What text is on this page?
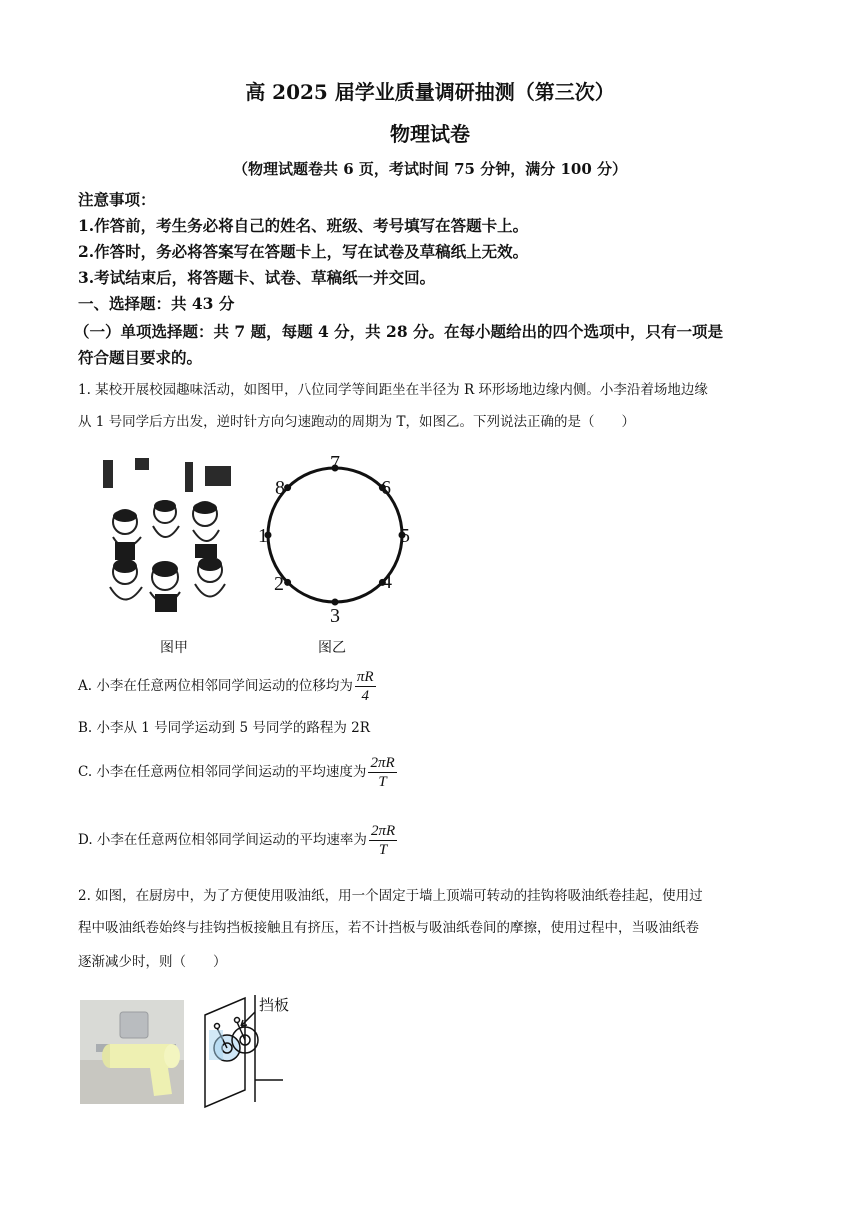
高 2025 届学业质量调研抽测（第三次）
物理试卷
（物理试题卷共 6 页，考试时间 75 分钟，满分 100 分）
注意事项：
1.作答前，考生务必将自己的姓名、班级、考号填写在答题卡上。
2.作答时，务必将答案写在答题卡上，写在试卷及草稿纸上无效。
3.考试结束后，将答题卡、试卷、草稿纸一并交回。
一、选择题：共 43 分
（一）单项选择题：共 7 题，每题 4 分，共 28 分。在每小题给出的四个选项中，只有一项是
符合题目要求的。
1. 某校开展校园趣味活动，如图甲，八位同学等间距坐在半径为 R 环形场地边缘内侧。小李沿着场地边缘
从 1 号同学后方出发，逆时针方向匀速跑动的周期为 T，如图乙。下列说法正确的是（　　）
1
2
3
4
5
6
7
8
图甲	图乙
A. 小李在任意两位相邻同学间运动的位移均为 $\frac{\pi R}{4}$
B. 小李从 1 号同学运动到 5 号同学的路程为 2R
C. 小李在任意两位相邻同学间运动的平均速度为 $\frac{2\pi R}{T}$
D. 小李在任意两位相邻同学间运动的平均速率为 $\frac{2\pi R}{T}$
2. 如图，在厨房中，为了方便使用吸油纸，用一个固定于墙上顶端可转动的挂钩将吸油纸卷挂起，使用过
程中吸油纸卷始终与挂钩挡板接触且有挤压，若不计挡板与吸油纸卷间的摩擦，使用过程中，当吸油纸卷
逐渐减少时，则（　　）
挡板
